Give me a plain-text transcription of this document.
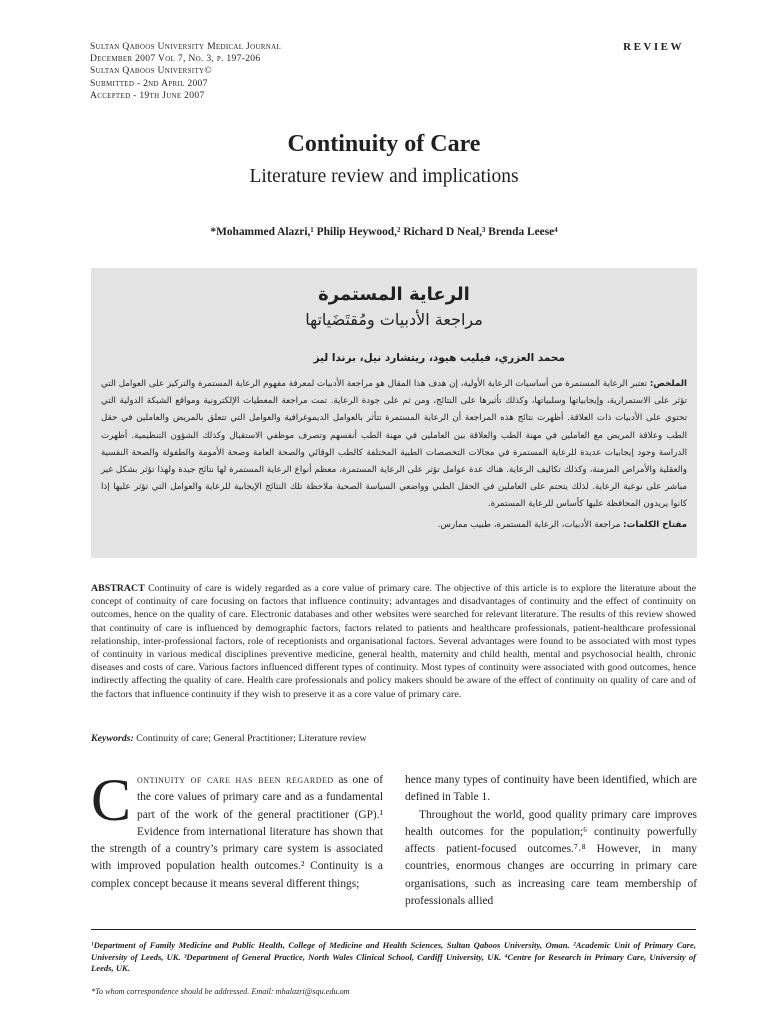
Sultan Qaboos University Medical Journal
December 2007 Vol 7, No. 3, p. 197-206
Sultan Qaboos University©
Submitted - 2nd April 2007
Accepted - 19th June 2007
REVIEW
Continuity of Care
Literature review and implications
*Mohammed Alazri,¹ Philip Heywood,² Richard D Neal,³ Brenda Leese⁴
الرعاية المستمرة
مراجعة الأدبيات ومُقتَضَياتها
محمد العزري، فيليب هيود، ريتشارد نيل، برندا ليز
الملخص: تعتبر الرعاية المستمرة من أساسيات الرعاية الأولية، إن هدف هذا المقال هو مراجعة الأدبيات لمعرفة مفهوم الرعاية المستمرة والتركيز على العوامل التي تؤثر على الاستمرارية، وإيجابياتها وسلبياتها، وكذلك تأثيرها على النتائج، ومن ثم على جودة الرعاية. تمت مراجعة المعطيات الإلكترونية ومواقع الشبكة الدولية التي تحتوي على الأدبيات ذات العلاقة. أظهرت نتائج هذه المراجعة أن الرعاية المستمرة تتأثر بالعوامل الديموغرافية والعوامل التي تتعلق بالمريض والعاملين في حقل الطب وعلاقة المريض مع العاملين في مهنة الطب والعلاقة بين العاملين في مهنة الطب أنفسهم وتصرف موظفي الاستقبال وكذلك الشؤون التنظيمية. أظهرت الدراسة وجود إيجابيات عديدة للرعاية المستمرة في مجالات التخصصات الطبية المختلفة كالطب الوقائي والصحة العامة وصحة الأمومة والطفولة والصحة النفسية والعقلية والأمراض المزمنة، وكذلك تكاليف الرعاية. هناك عدة عوامل تؤثر على الرعاية المستمرة، معظم أنواع الرعاية المستمرة لها نتائج جيدة ولهذا تؤثر بشكل غير مباشر على نوعية الرعاية. لذلك يتحتم على العاملين في الحقل الطبي وواضعي السياسة الصحية ملاحظة تلك النتائج الإيجابية للرعاية والعوامل التي تؤثر عليها إذا كانوا يريدون المحافظة عليها كأساس للرعاية المستمرة.
مفتاح الكلمات: مراجعة الأدبيات، الرعاية المستمرة، طبيب ممارس.
ABSTRACT Continuity of care is widely regarded as a core value of primary care. The objective of this article is to explore the literature about the concept of continuity of care focusing on factors that influence continuity; advantages and disadvantages of continuity and the effect of continuity on outcomes, hence on the quality of care. Electronic databases and other websites were searched for relevant literature. The results of this review showed that continuity of care is influenced by demographic factors, factors related to patients and healthcare professionals, patient-healthcare professional relationship, inter-professional factors, role of receptionists and organisational factors. Several advantages were found to be associated with most types of continuity in various medical disciplines preventive medicine, general health, maternity and child health, mental and psychosocial health, chronic diseases and costs of care. Various factors influenced different types of continuity. Most types of continuity were associated with good outcomes, hence indirectly affecting the quality of care. Health care professionals and policy makers should be aware of the effect of continuity on quality of care and of the factors that influence continuity if they wish to preserve it as a core value of primary care.
Keywords: Continuity of care; General Practitioner; Literature review

Continuity of care has been regarded as one of the core values of primary care and as a fundamental part of the work of the general practitioner (GP).¹ Evidence from international literature has shown that the strength of a country’s primary care system is associated with improved population health outcomes.² Continuity is a complex concept because it means several different things;

hence many types of continuity have been identified, which are defined in Table 1.

Throughout the world, good quality primary care improves health outcomes for the population;⁶ continuity powerfully affects patient-focused outcomes.⁷˒⁸ However, in many countries, enormous changes are occurring in primary care organisations, such as increasing care team membership of professionals allied

¹Department of Family Medicine and Public Health, College of Medicine and Health Sciences, Sultan Qaboos University, Oman. ²Academic Unit of Primary Care, University of Leeds, UK. ³Department of General Practice, North Wales Clinical School, Cardiff University, UK. ⁴Centre for Research in Primary Care, University of Leeds, UK.
*To whom correspondence should be addressed. Email: mhalazri@squ.edu.om
